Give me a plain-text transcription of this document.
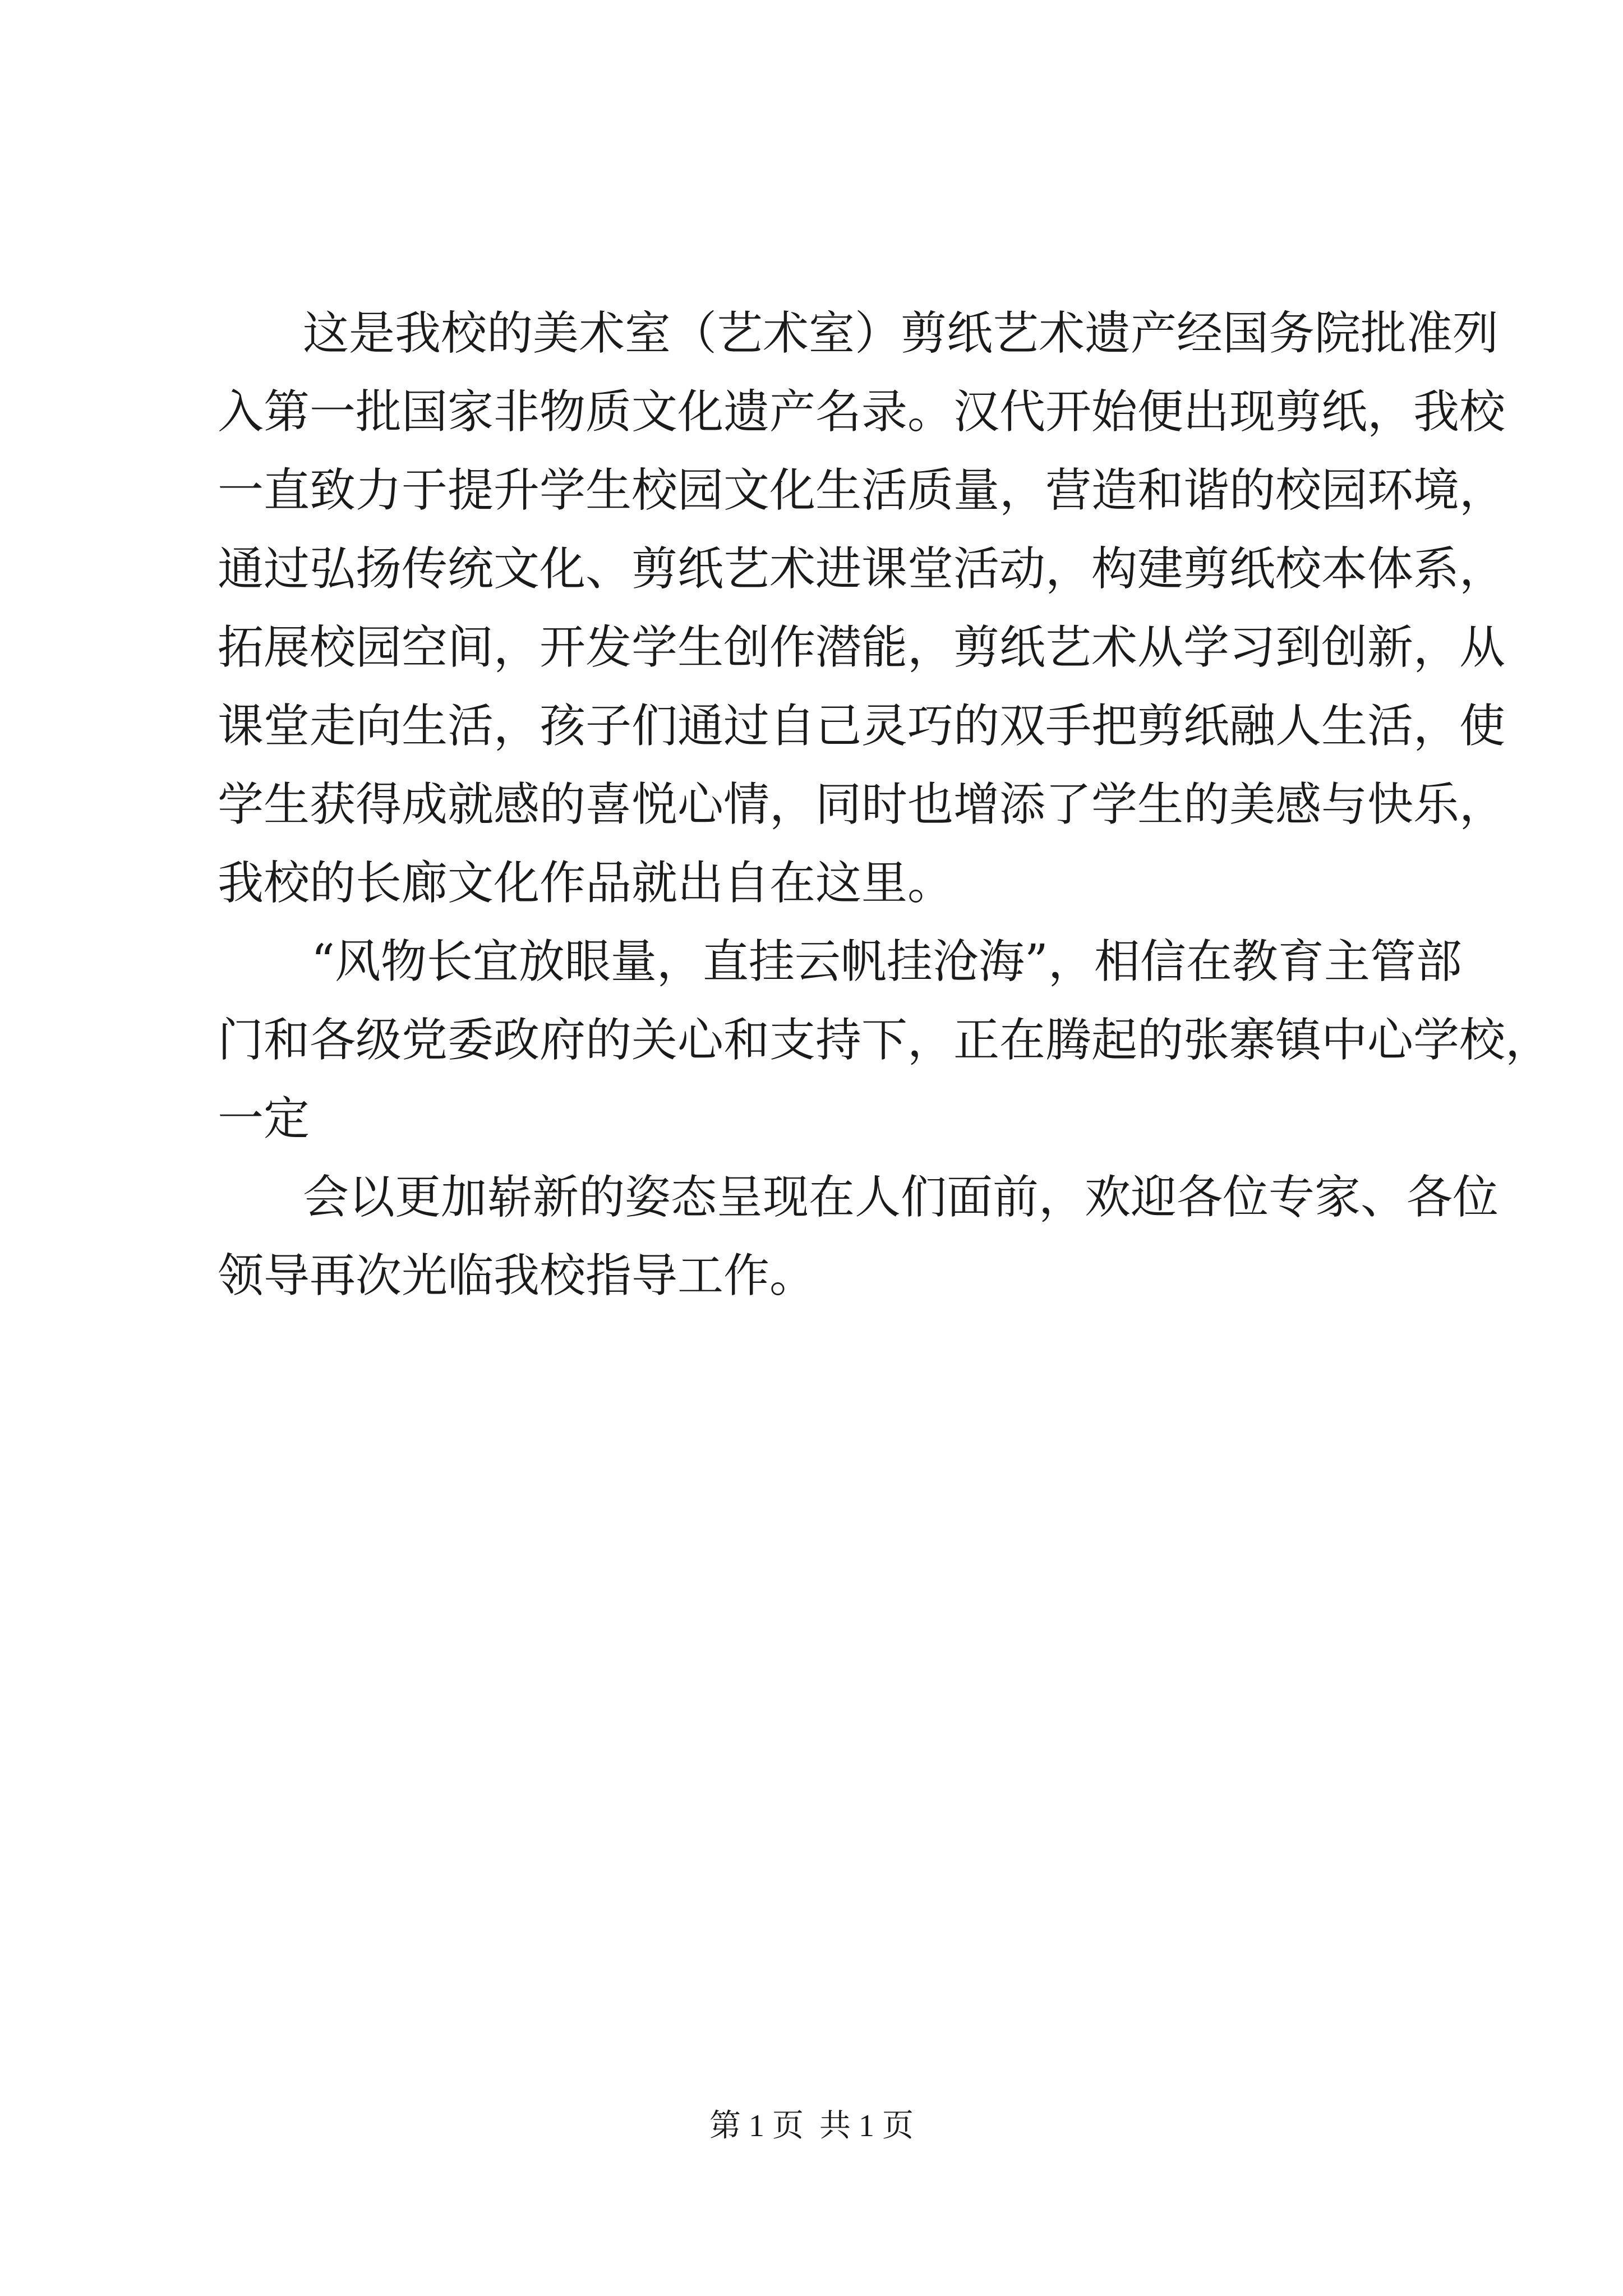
这是我校的美术室（艺术室）剪纸艺术遗产经国务院批准列
入第一批国家非物质文化遗产名录。汉代开始便出现剪纸，我校
一直致力于提升学生校园文化生活质量，营造和谐的校园环境，
通过弘扬传统文化、剪纸艺术进课堂活动，构建剪纸校本体系，
拓展校园空间，开发学生创作潜能，剪纸艺术从学习到创新，从
课堂走向生活，孩子们通过自己灵巧的双手把剪纸融人生活，使
学生获得成就感的喜悦心情，同时也增添了学生的美感与快乐，
我校的长廊文化作品就出自在这里。
“风物长宜放眼量，直挂云帆挂沧海”，相信在教育主管部
门和各级党委政府的关心和支持下，正在腾起的张寨镇中心学校，
一定
会以更加崭新的姿态呈现在人们面前，欢迎各位专家、各位
领导再次光临我校指导工作。
第 1 页  共 1 页
